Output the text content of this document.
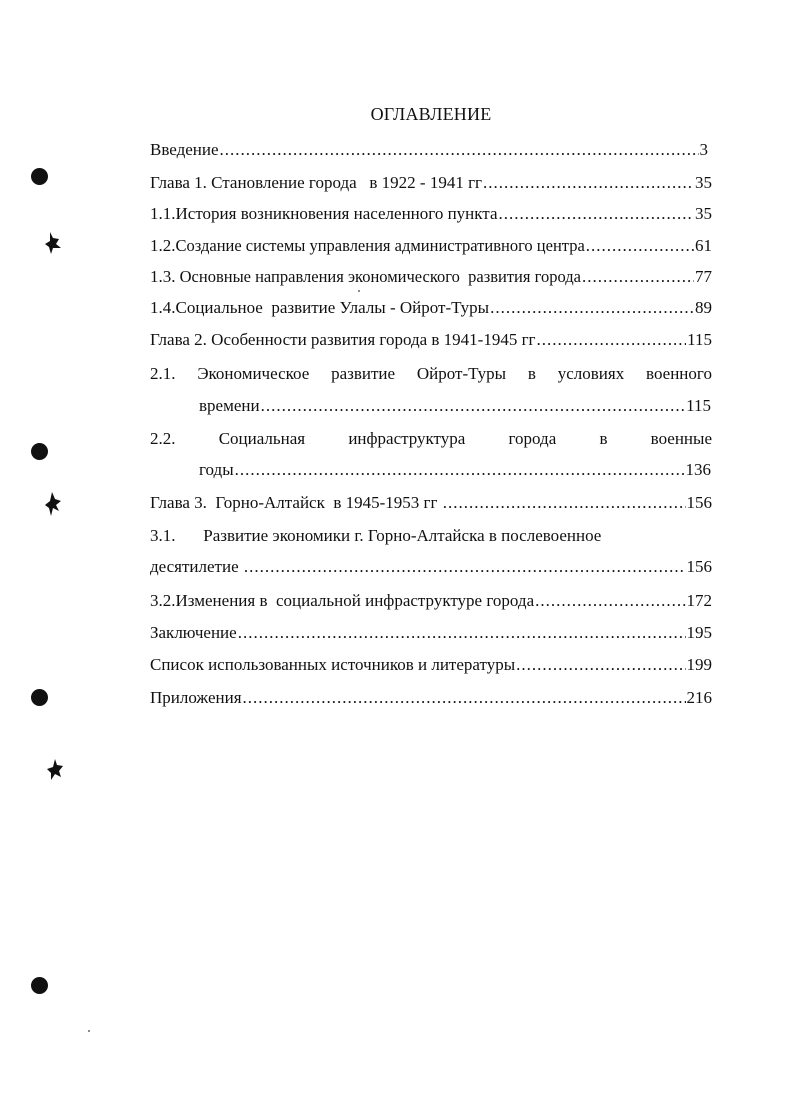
ОГЛАВЛЕНИЕ
Введение .....	3
Глава 1. Становление города   в 1922 - 1941 гг .....	35
1.1. История возникновения населенного пункта .....	35
1.2. Создание системы управления административного центра .....	61
1.3. Основные направления экономического  развития города .....	77
1.4. Социальное  развитие Улалы - Ойрот-Туры .....	89
Глава 2. Особенности развития города в 1941-1945 гг .....	115
2.1. Экономическое развитие Ойрот-Туры в условиях военного
времени .....	115
2.2.	Социальная	инфраструктура	города	в	военные
годы .....	136
Глава 3.  Горно-Алтайск  в 1945-1953 гг .....	156
3.1.	Развитие экономики г. Горно-Алтайска в послевоенное
десятилетие .....	156
3.2. Изменения в  социальной инфраструктуре города .....	172
Заключение .....	195
Список использованных источников и литературы .....	199
Приложения .....	216
